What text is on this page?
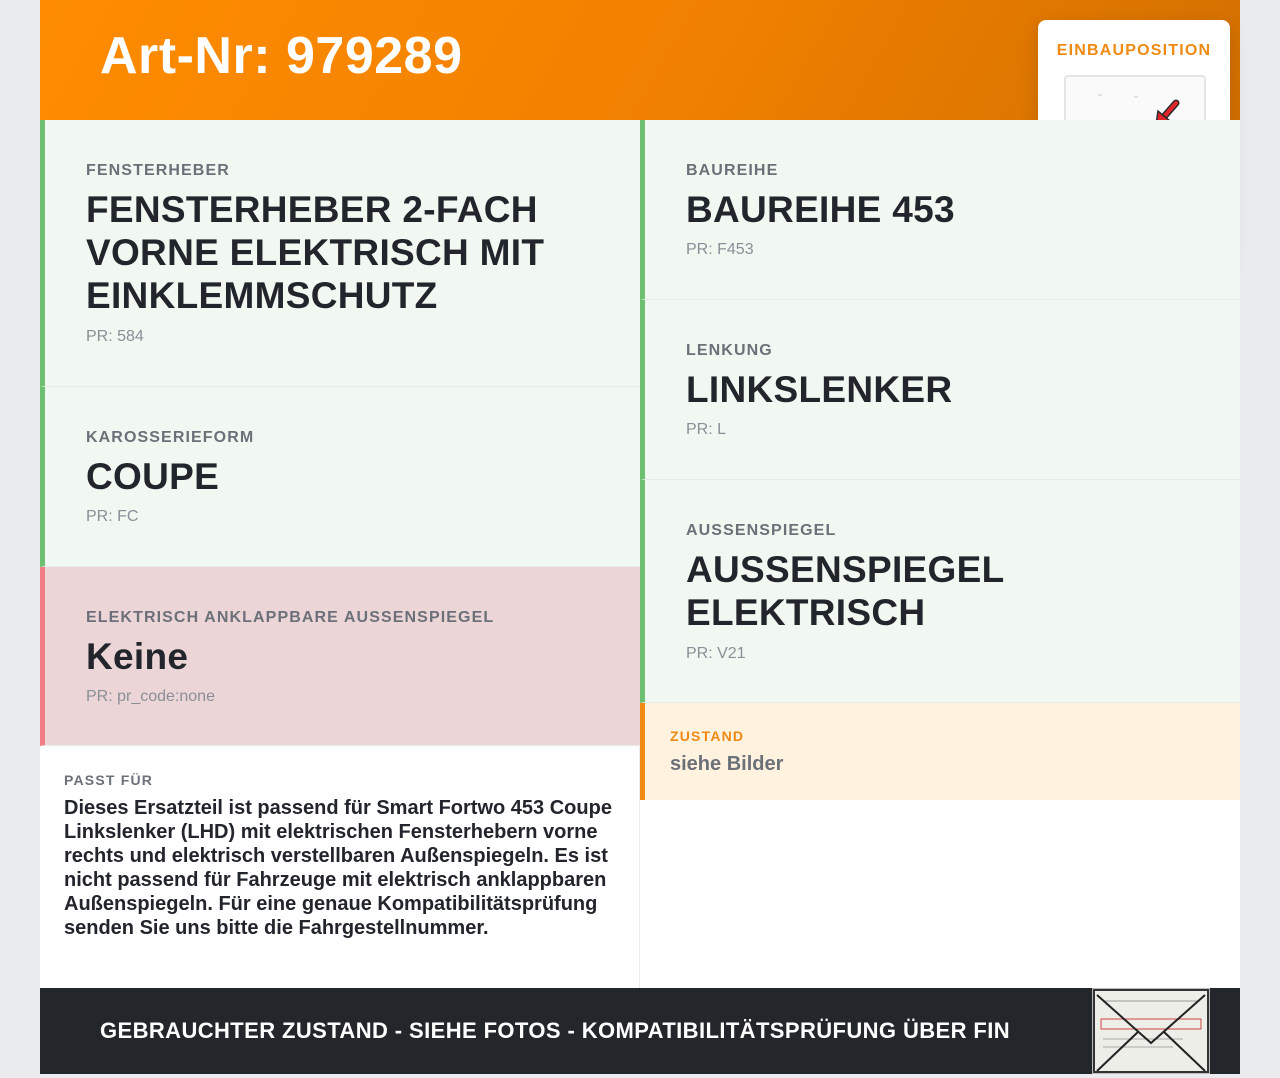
Art-Nr: 979289	EINBAUPOSITION
FENSTERHEBER
FENSTERHEBER 2-FACH VORNE ELEKTRISCH MIT EINKLEMMSCHUTZ
PR: 584
KAROSSERIEFORM
COUPE
PR: FC
ELEKTRISCH ANKLAPPBARE AUSSENSPIEGEL
Keine
PR: pr_code:none
PASST FÜR
Dieses Ersatzteil ist passend für Smart Fortwo 453 Coupe Linkslenker (LHD) mit elektrischen Fensterhebern vorne rechts und elektrisch verstellbaren Außenspiegeln. Es ist nicht passend für Fahrzeuge mit elektrisch anklappbaren Außenspiegeln. Für eine genaue Kompatibilitätsprüfung senden Sie uns bitte die Fahrgestellnummer.
BAUREIHE
BAUREIHE 453
PR: F453
LENKUNG
LINKSLENKER
PR: L
AUSSENSPIEGEL
AUSSENSPIEGEL ELEKTRISCH
PR: V21
ZUSTAND
siehe Bilder
GEBRAUCHTER ZUSTAND - SIEHE FOTOS - KOMPATIBILITÄTSPRÜFUNG ÜBER FIN
